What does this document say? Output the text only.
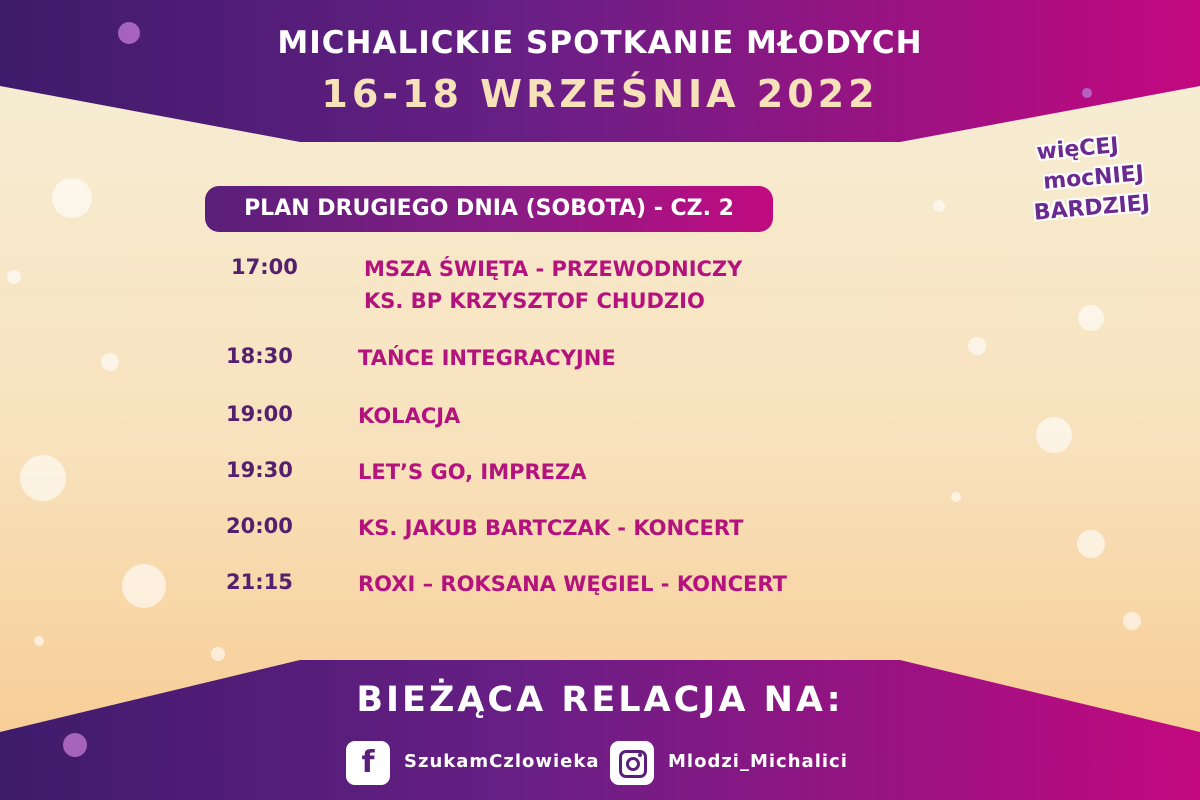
MICHALICKIE SPOTKANIE MŁODYCH
16-18 WRZEŚNIA 2022
więCEJ
mocNIEJ
BARDZIEJ
PLAN DRUGIEGO DNIA (SOBOTA) - CZ. 2
17:00	MSZA ŚWIĘTA - PRZEWODNICZY
KS. BP KRZYSZTOF CHUDZIO
18:30	TAŃCE INTEGRACYJNE
19:00	KOLACJA
19:30	LET’S GO, IMPREZA
20:00	KS. JAKUB BARTCZAK - KONCERT
21:15	ROXI – ROKSANA WĘGIEL - KONCERT
BIEŻĄCA RELACJA NA:
f	SzukamCzlowieka	Mlodzi_Michalici
